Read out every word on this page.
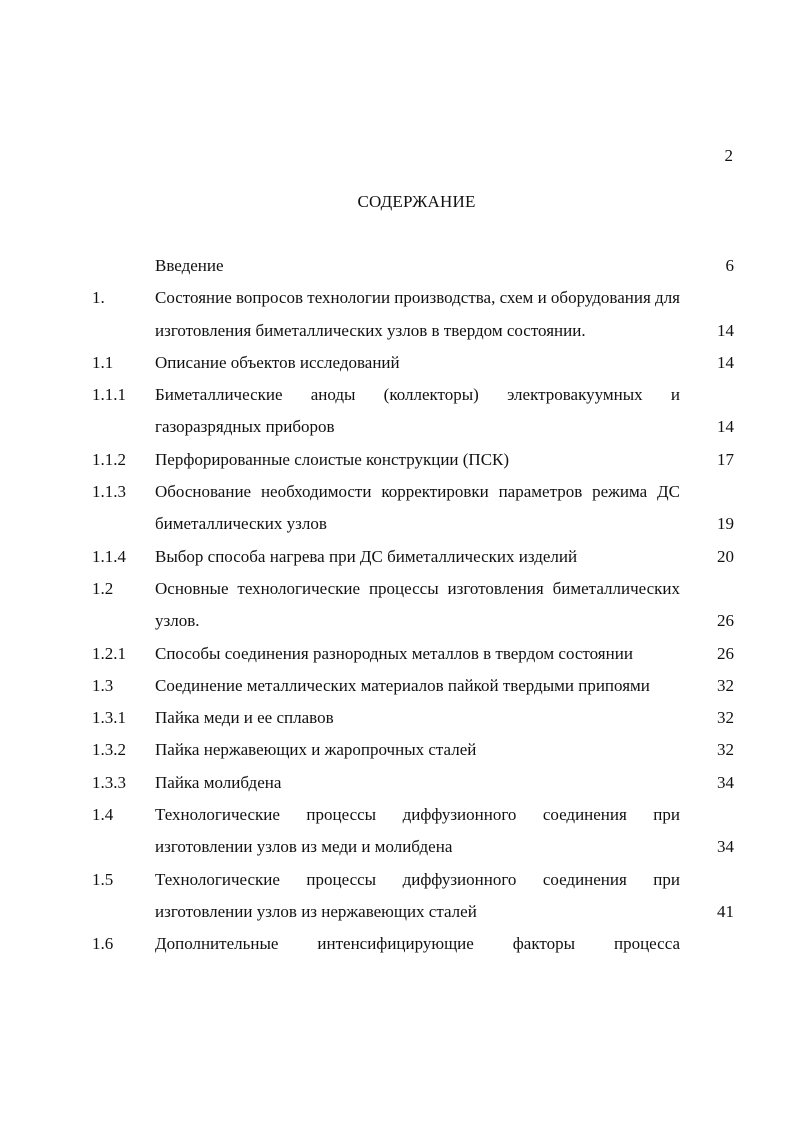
2
СОДЕРЖАНИЕ
Введение	6
1.	Состояние вопросов технологии производства, схем и оборудования для изготовления биметаллических узлов в твердом состоянии.	14
1.1 Описание объектов исследований	14
1.1.1 Биметаллические аноды (коллекторы) электровакуумных и газоразрядных приборов	14
1.1.2 Перфорированные слоистые конструкции (ПСК)	17
1.1.3 Обоснование необходимости корректировки параметров режима ДС биметаллических узлов	19
1.1.4 Выбор способа нагрева при ДС биметаллических изделий	20
1.2 Основные технологические процессы изготовления биметаллических узлов.	26
1.2.1 Способы соединения разнородных металлов в твердом состоянии	26
1.3 Соединение металлических материалов пайкой твердыми припоями	32
1.3.1 Пайка меди и ее сплавов	32
1.3.2 Пайка нержавеющих и жаропрочных сталей	32
1.3.3 Пайка молибдена	34
1.4 Технологические процессы диффузионного соединения при изготовлении узлов из меди и молибдена	34
1.5 Технологические процессы диффузионного соединения при изготовлении узлов из нержавеющих сталей	41
1.6 Дополнительные интенсифицирующие факторы процесса
